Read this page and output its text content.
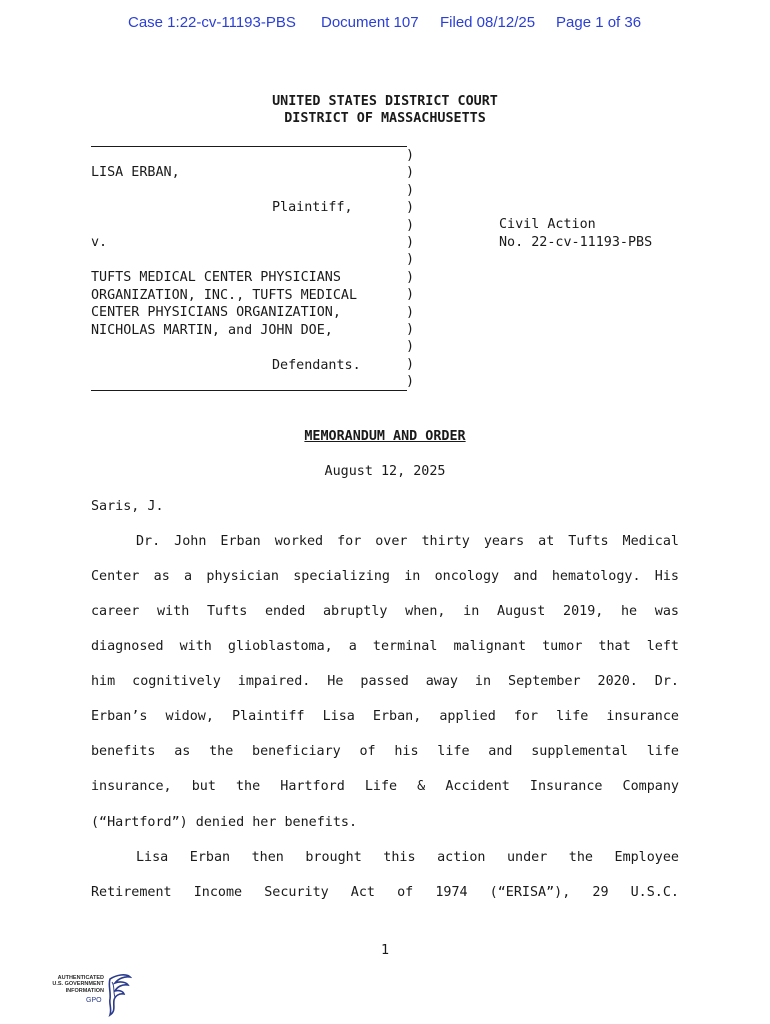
Case 1:22-cv-11193-PBS Document 107 Filed 08/12/25 Page 1 of 36
UNITED STATES DISTRICT COURT
DISTRICT OF MASSACHUSETTS
)
)
)
)
)
)
)
)
)
)
)
)
)
)
LISA ERBAN,
Plaintiff,
v.
TUFTS MEDICAL CENTER PHYSICIANS
ORGANIZATION, INC., TUFTS MEDICAL
CENTER PHYSICIANS ORGANIZATION,
NICHOLAS MARTIN, and JOHN DOE,
Defendants.
Civil Action
No. 22-cv-11193-PBS
MEMORANDUM AND ORDER
August 12, 2025
Saris, J.
Dr. John Erban worked for over thirty years at Tufts Medical
Center as a physician specializing in oncology and hematology. His
career with Tufts ended abruptly when, in August 2019, he was
diagnosed with glioblastoma, a terminal malignant tumor that left
him cognitively impaired. He passed away in September 2020. Dr.
Erban’s widow, Plaintiff Lisa Erban, applied for life insurance
benefits as the beneficiary of his life and supplemental life
insurance, but the Hartford Life & Accident Insurance Company
(“Hartford”) denied her benefits.
Lisa Erban then brought this action under the Employee
Retirement Income Security Act of 1974 (“ERISA”), 29 U.S.C.
1
AUTHENTICATED U.S. GOVERNMENT INFORMATION
GPO
